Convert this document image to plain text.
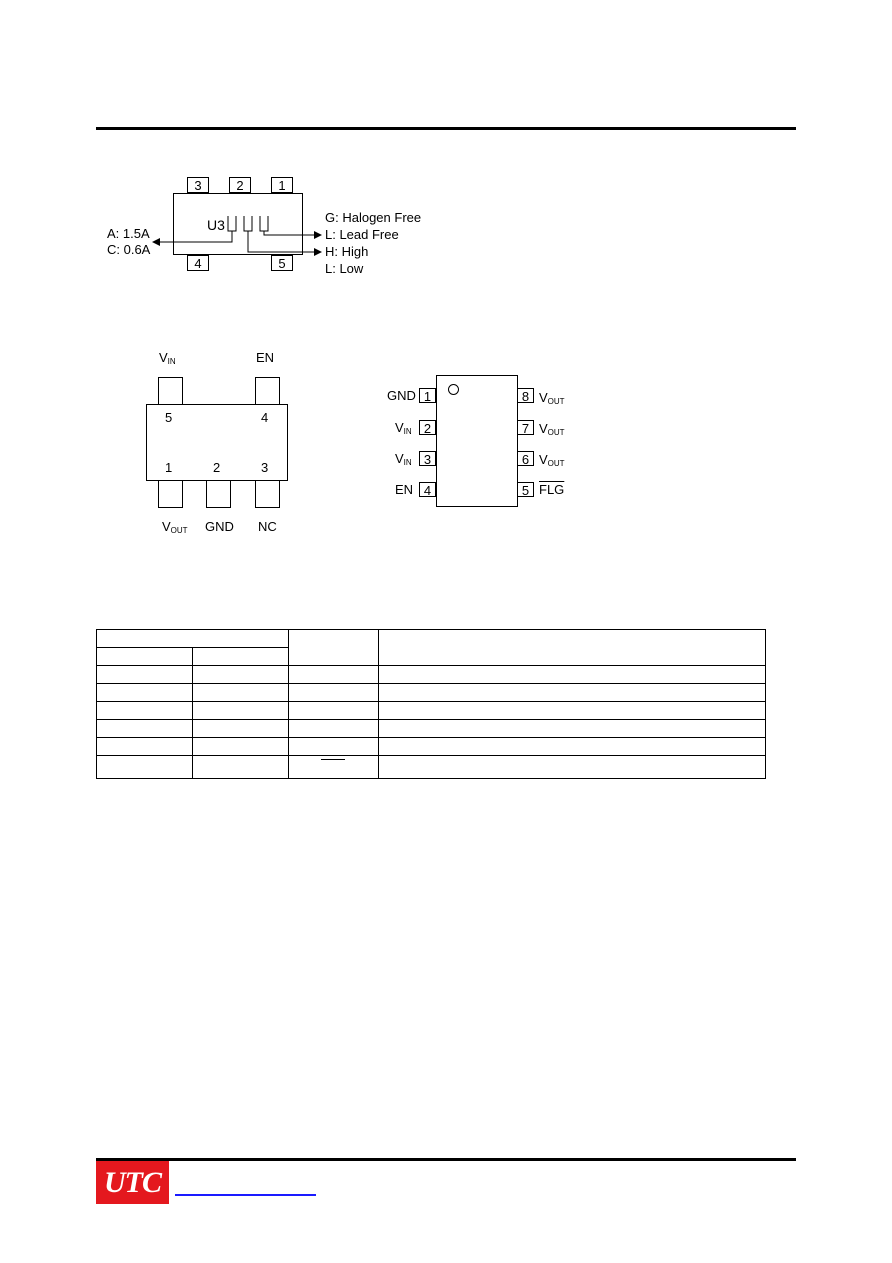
3	2	1
4	5
U3
A: 1.5A
C: 0.6A
G: Halogen Free
L: Lead Free
H: High
L: Low
$V_{IN}$	EN
5	4
1	2	3
$V_{OUT}$ GND NC
1
2
3
4
8
7
6
5
GND
$V_{IN}$
$V_{IN}$
EN
$V_{OUT}$
$V_{OUT}$
$V_{OUT}$
$\overline{FLG}$

UTC
